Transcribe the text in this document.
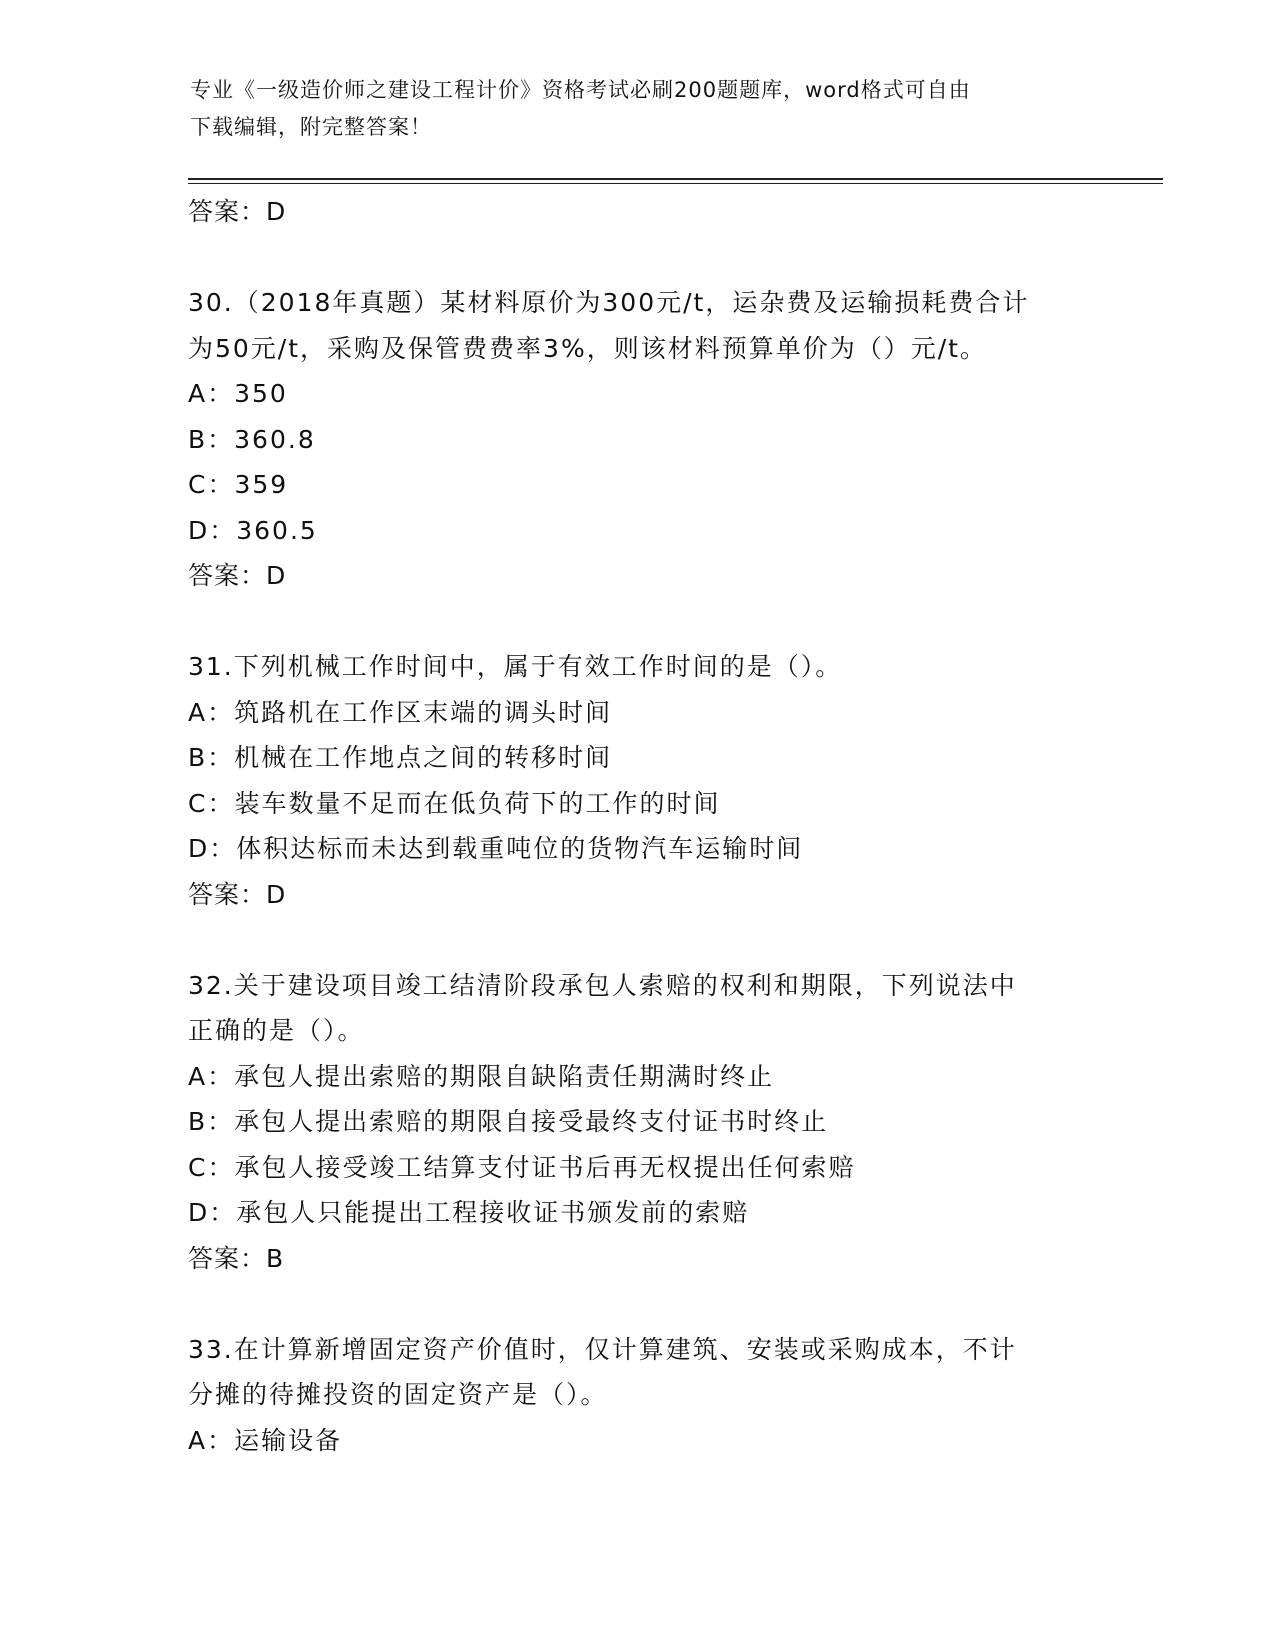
专业《一级造价师之建设工程计价》资格考试必刷200题题库，word格式可自由
下载编辑，附完整答案！
答案：D
30.（2018年真题）某材料原价为300元/t，运杂费及运输损耗费合计
为50元/t，采购及保管费费率3%，则该材料预算单价为（）元/t。
A：350
B：360.8
C：359
D：360.5
答案：D
31.下列机械工作时间中，属于有效工作时间的是（）。
A：筑路机在工作区末端的调头时间
B：机械在工作地点之间的转移时间
C：装车数量不足而在低负荷下的工作的时间
D：体积达标而未达到载重吨位的货物汽车运输时间
答案：D
32.关于建设项目竣工结清阶段承包人索赔的权利和期限，下列说法中
正确的是（）。
A：承包人提出索赔的期限自缺陷责任期满时终止
B：承包人提出索赔的期限自接受最终支付证书时终止
C：承包人接受竣工结算支付证书后再无权提出任何索赔
D：承包人只能提出工程接收证书颁发前的索赔
答案：B
33.在计算新增固定资产价值时，仅计算建筑、安装或采购成本，不计
分摊的待摊投资的固定资产是（）。
A：运输设备
